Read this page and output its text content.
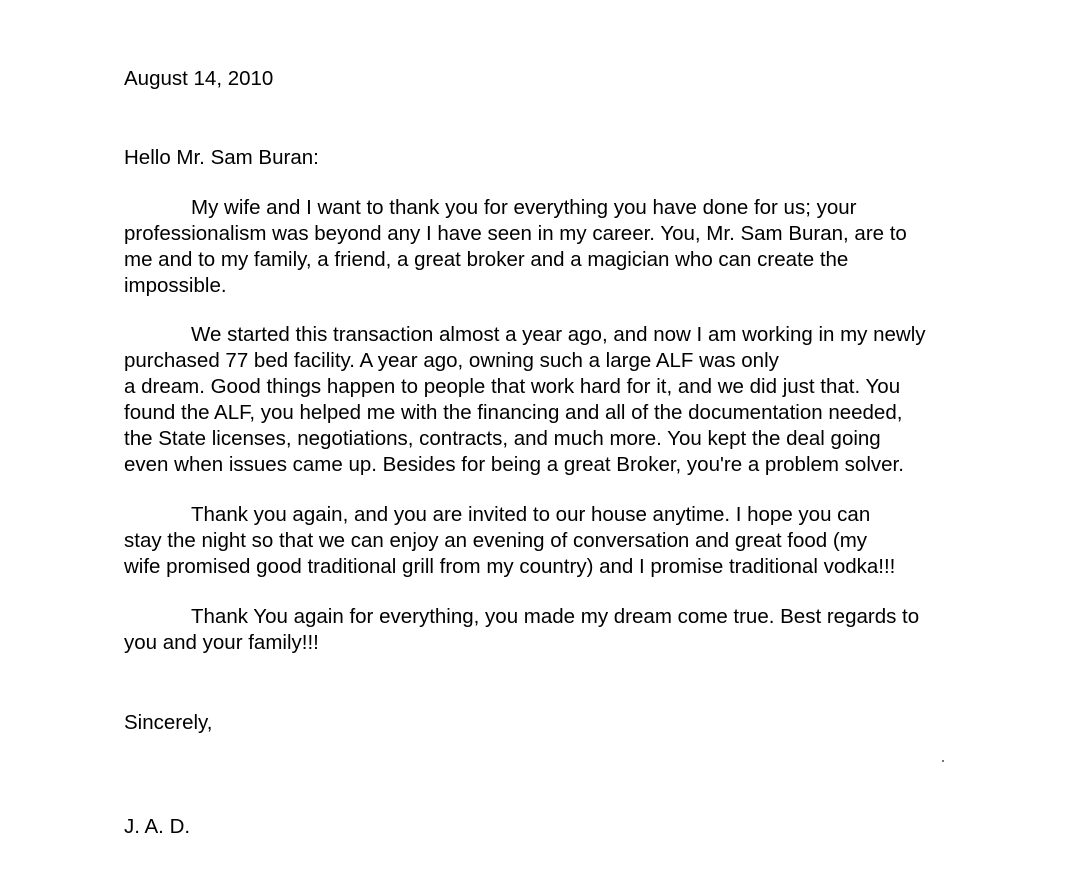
August 14, 2010
Hello Mr. Sam Buran:
My wife and I want to thank you for everything you have done for us; your
professionalism was beyond any I have seen in my career. You, Mr. Sam Buran, are to
me and to my family, a friend, a great broker and a magician who can create the
impossible.
We started this transaction almost a year ago, and now I am working in my newly
purchased 77 bed facility. A year ago, owning such a large ALF was only
a dream. Good things happen to people that work hard for it, and we did just that. You
found the ALF, you helped me with the financing and all of the documentation needed,
the State licenses, negotiations, contracts, and much more. You kept the deal going
even when issues came up. Besides for being a great Broker, you're a problem solver.
Thank you again, and you are invited to our house anytime. I hope you can
stay the night so that we can enjoy an evening of conversation and great food (my
wife promised good traditional grill from my country) and I promise traditional vodka!!!
Thank You again for everything, you made my dream come true. Best regards to
you and your family!!!
Sincerely,
J. A. D.
